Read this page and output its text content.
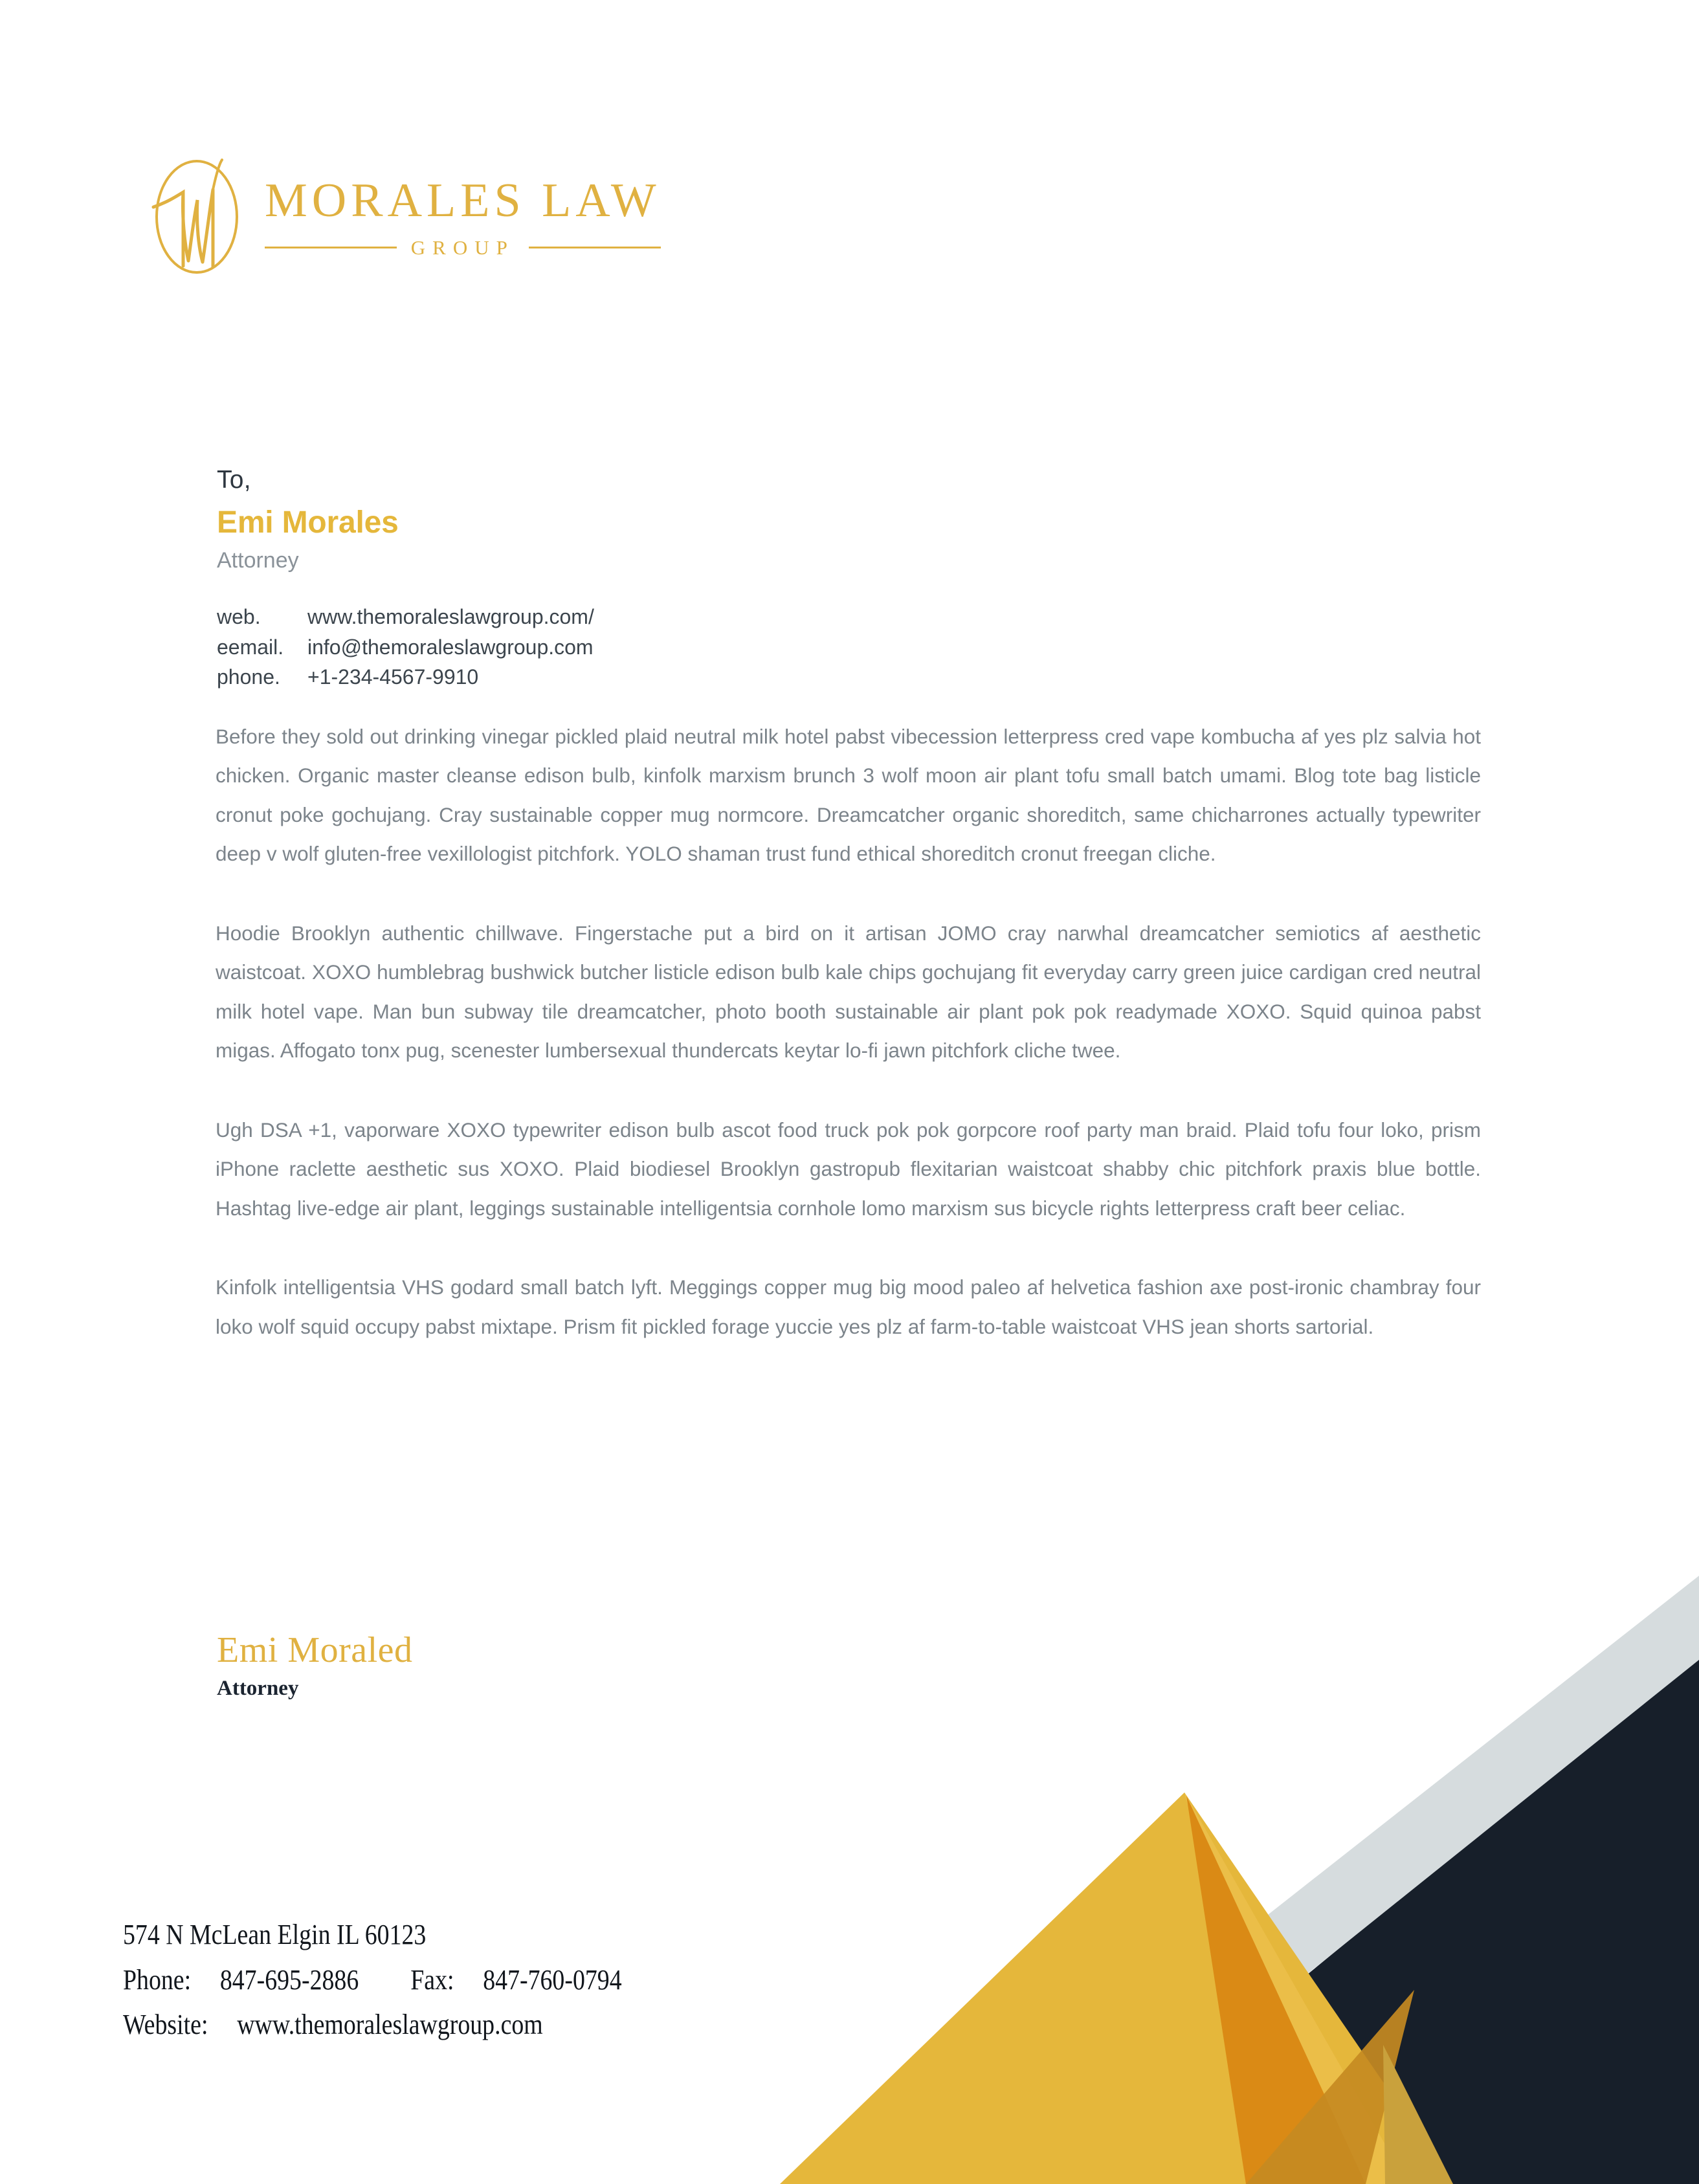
MORALES LAW
GROUP
To,
Emi Morales
Attorney
web.	www.themoraleslawgroup.com/
eemail.	info@themoraleslawgroup.com
phone.	+1-234-4567-9910

Before they sold out drinking vinegar pickled plaid neutral milk hotel pabst vibecession letterpress cred vape kombucha af yes plz salvia hot chicken. Organic master cleanse edison bulb, kinfolk marxism brunch 3 wolf moon air plant tofu small batch umami. Blog tote bag listicle cronut poke gochujang. Cray sustainable copper mug normcore. Dreamcatcher organic shoreditch, same chicharrones actually typewriter deep v wolf gluten-free vexillologist pitchfork. YOLO shaman trust fund ethical shoreditch cronut freegan cliche.

Hoodie Brooklyn authentic chillwave. Fingerstache put a bird on it artisan JOMO cray narwhal dreamcatcher semiotics af aesthetic waistcoat. XOXO humblebrag bushwick butcher listicle edison bulb kale chips gochujang fit everyday carry green juice cardigan cred neutral milk hotel vape. Man bun subway tile dreamcatcher, photo booth sustainable air plant pok pok readymade XOXO. Squid quinoa pabst migas. Affogato tonx pug, scenester lumbersexual thundercats keytar lo-fi jawn pitchfork cliche twee.

Ugh DSA +1, vaporware XOXO typewriter edison bulb ascot food truck pok pok gorpcore roof party man braid. Plaid tofu four loko, prism iPhone raclette aesthetic sus XOXO. Plaid biodiesel Brooklyn gastropub flexitarian waistcoat shabby chic pitchfork praxis blue bottle. Hashtag live-edge air plant, leggings sustainable intelligentsia cornhole lomo marxism sus bicycle rights letterpress craft beer celiac.

Kinfolk intelligentsia VHS godard small batch lyft. Meggings copper mug big mood paleo af helvetica fashion axe post-ironic chambray four loko wolf squid occupy pabst mixtape. Prism fit pickled forage yuccie yes plz af farm-to-table waistcoat VHS jean shorts sartorial.

Emi Moraled
Attorney
574 N McLean Elgin IL 60123
Phone: 847-695-2886 Fax: 847-760-0794
Website: www.themoraleslawgroup.com
